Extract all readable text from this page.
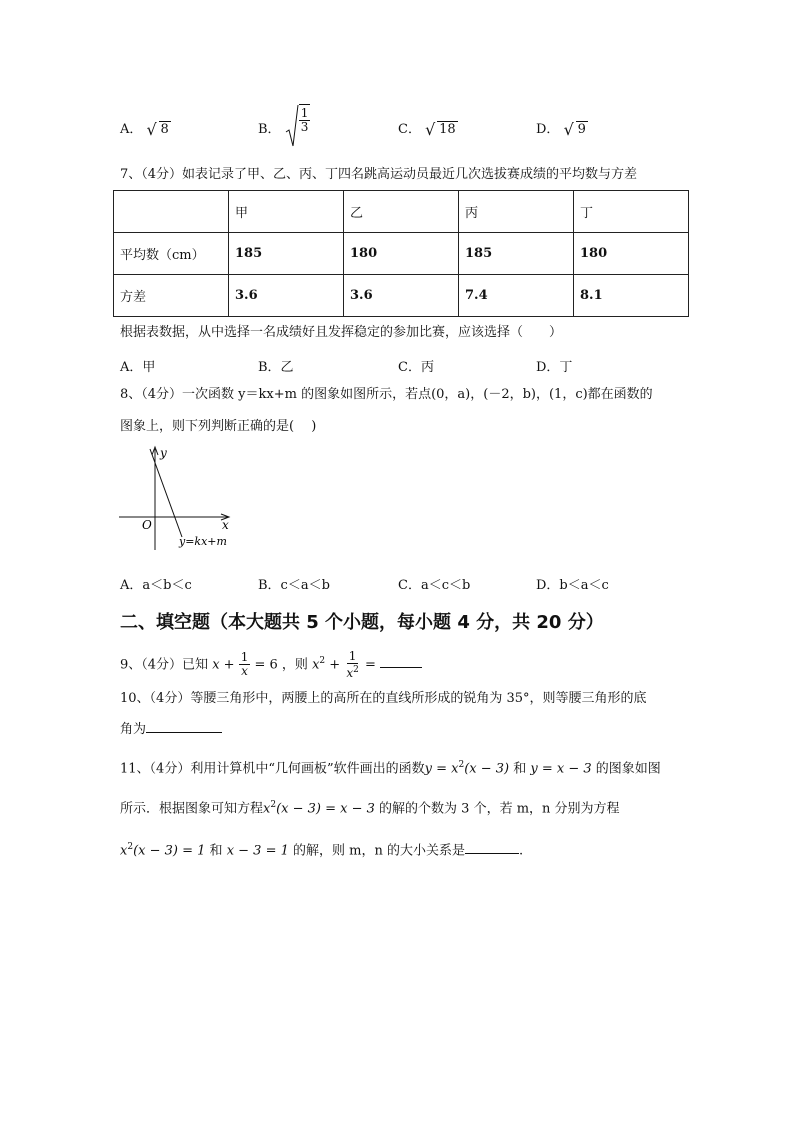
A． √ 8	B． $\frac{1}{3}$	C． √ 18	D． √ 9
7、（4分）如表记录了甲、乙、丙、丁四名跳高运动员最近几次选拔赛成绩的平均数与方差
	甲	乙	丙	丁
平均数（cm）	185	180	185	180
方差	3.6	3.6	7.4	8.1
根据表数据，从中选择一名成绩好且发挥稳定的参加比赛，应该选择（　　）
A．甲	B．乙	C．丙	D．丁
8、（4分）一次函数 y＝kx+m 的图象如图所示，若点(0，a)，(－2，b)，(1，c)都在函数的
图象上，则下列判断正确的是(　 )
y
x
O
y=kx+m
A．a＜b＜c	B．c＜a＜b	C．a＜c＜b	D．b＜a＜c
二、填空题（本大题共 5 个小题，每小题 4 分，共 20 分）
9、（4分）已知 $x + \frac{1}{x} = 6$ ，则 $x^2 + \frac{1}{x^2}$ =
10、（4分）等腰三角形中，两腰上的高所在的直线所形成的锐角为 35°，则等腰三角形的底
角为
11、（4分）利用计算机中“几何画板”软件画出的函数$y = x^2(x - 3)$ 和 y = x − 3 的图象如图
所示．根据图象可知方程$x^2(x - 3) = x - 3$ 的解的个数为 3 个，若 m，n 分别为方程
$x^2(x - 3) = 1$ 和 x − 3 = 1 的解，则 m，n 的大小关系是	.
